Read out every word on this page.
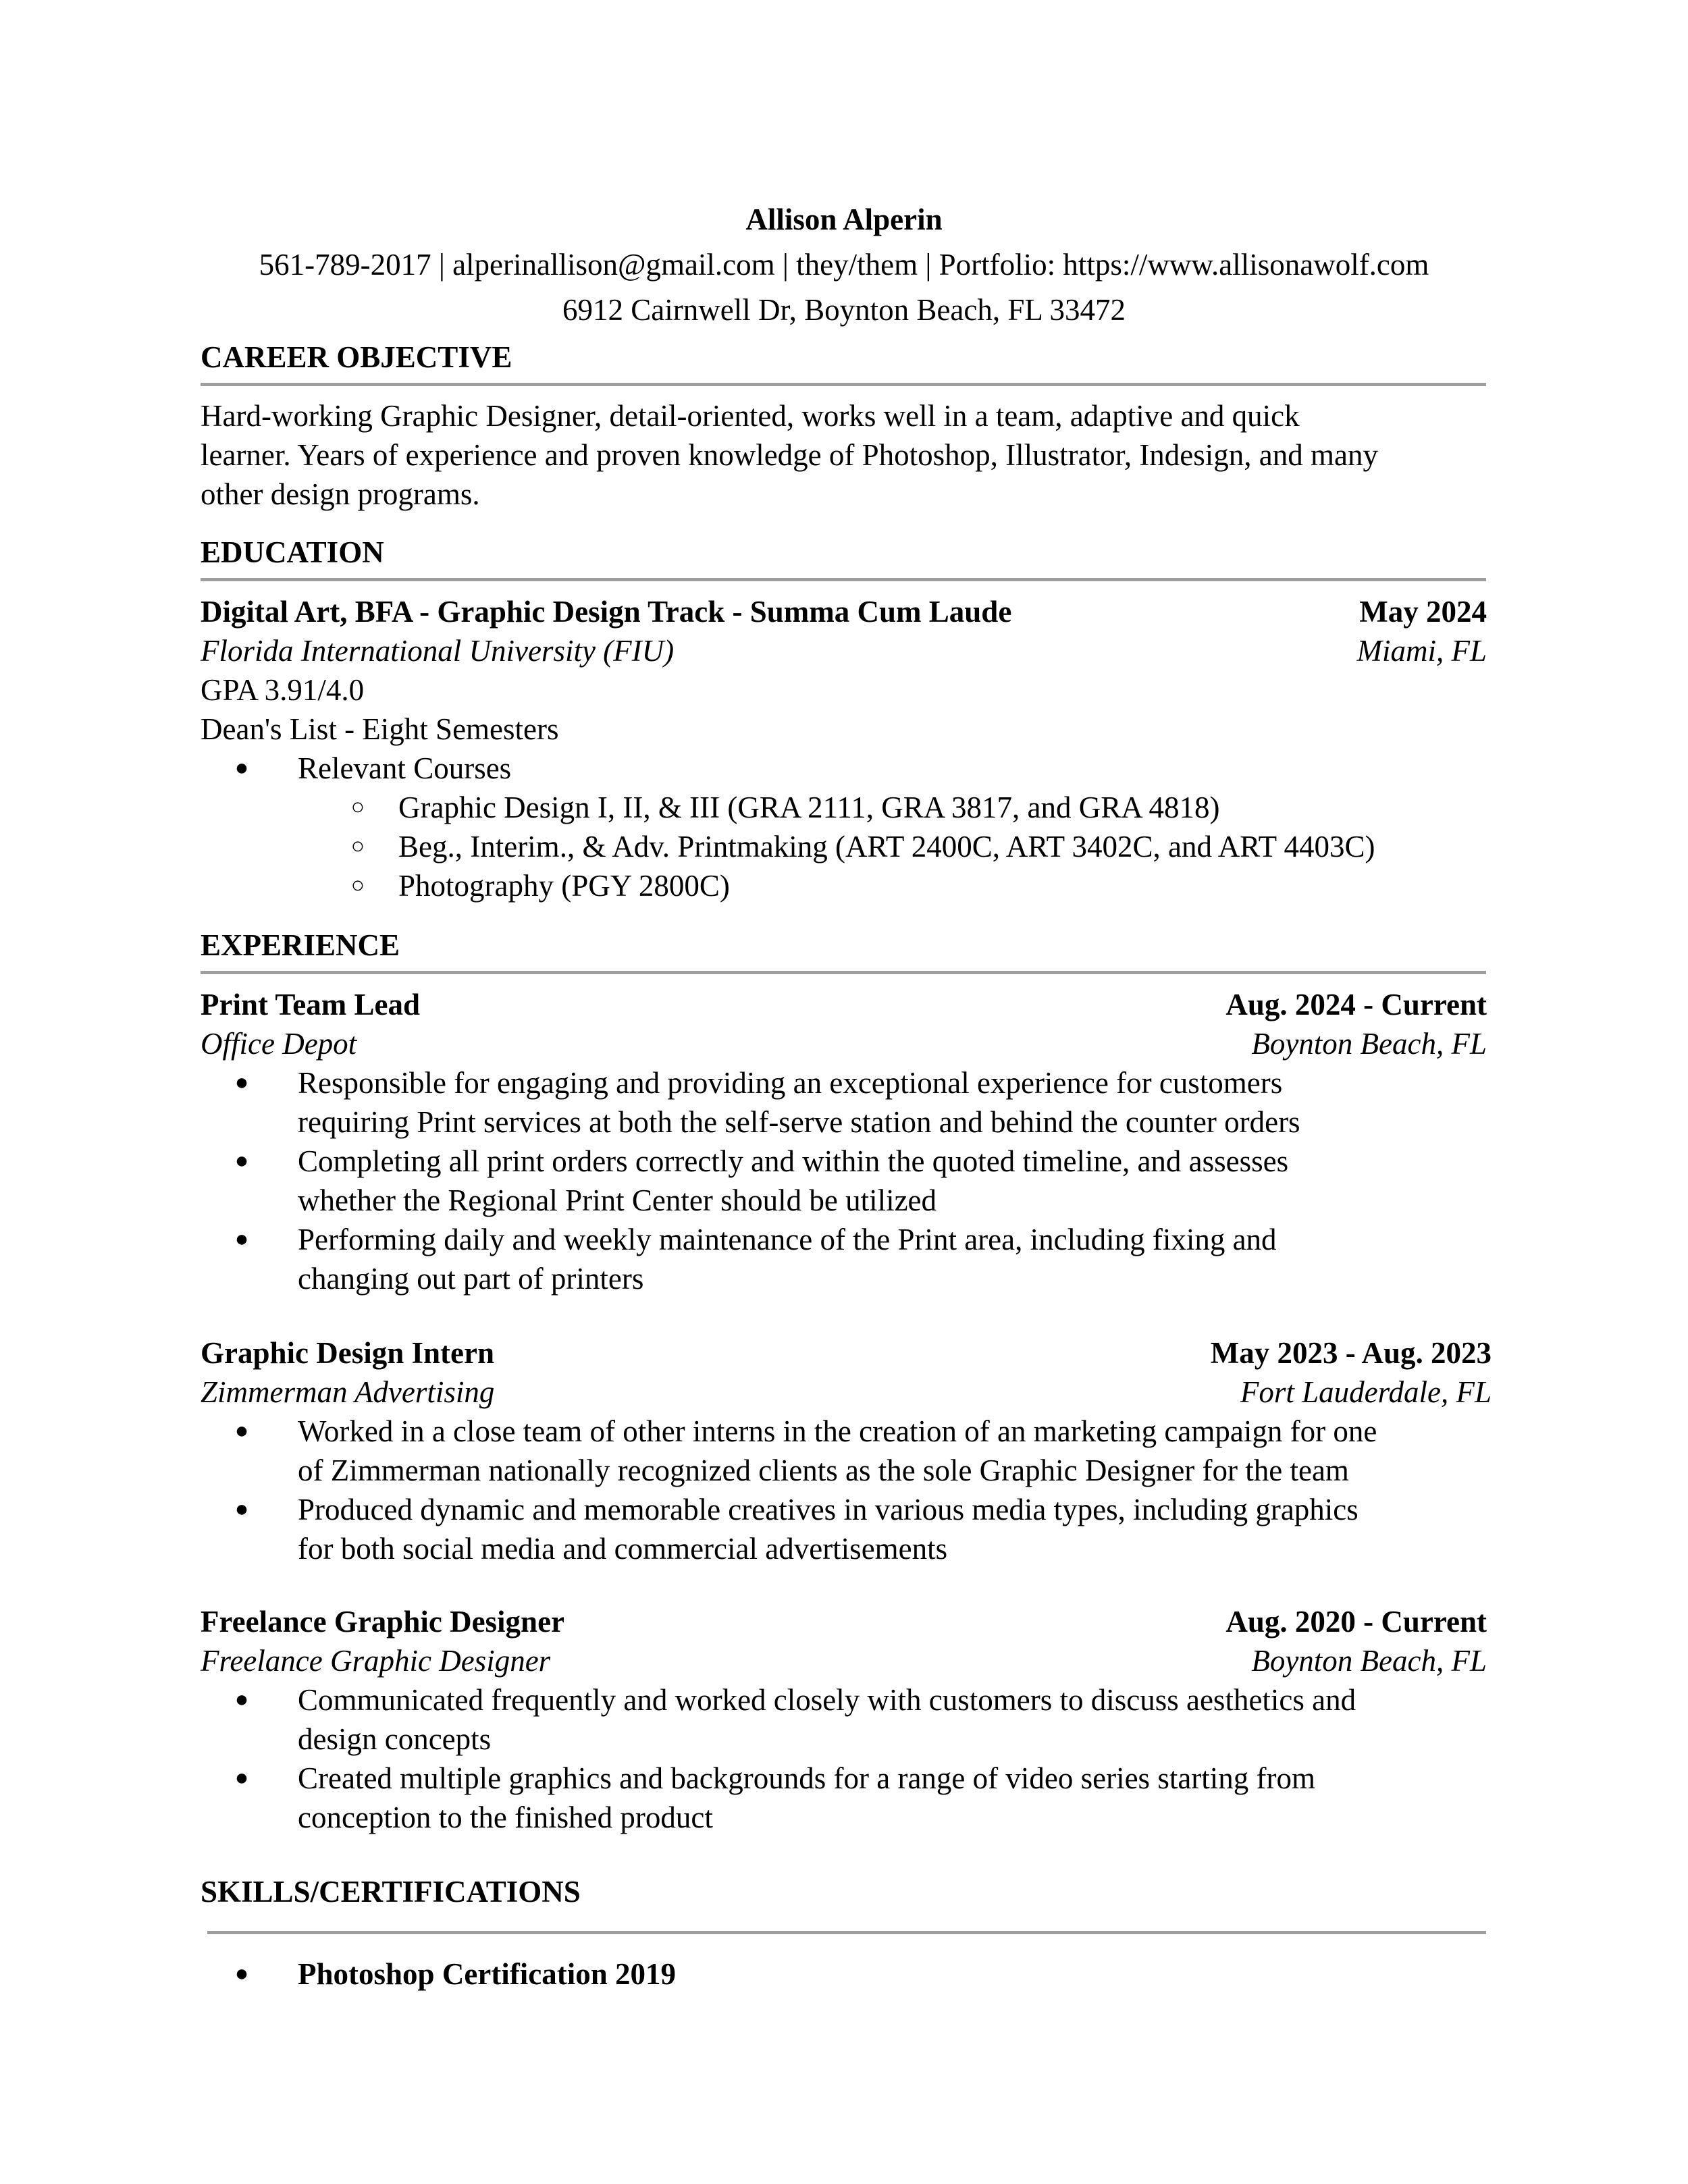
Allison Alperin
561-789-2017 | alperinallison@gmail.com | they/them | Portfolio: https://www.allisonawolf.com
6912 Cairnwell Dr, Boynton Beach, FL 33472
CAREER OBJECTIVE
Hard-working Graphic Designer, detail-oriented, works well in a team, adaptive and quick
learner. Years of experience and proven knowledge of Photoshop, Illustrator, Indesign, and many
other design programs.
EDUCATION
Digital Art, BFA - Graphic Design Track - Summa Cum Laude	May 2024
Florida International University (FIU)	Miami, FL
GPA 3.91/4.0
Dean's List - Eight Semesters
● Relevant Courses
○ Graphic Design I, II, & III (GRA 2111, GRA 3817, and GRA 4818)
○ Beg., Interim., & Adv. Printmaking (ART 2400C, ART 3402C, and ART 4403C)
○ Photography (PGY 2800C)
EXPERIENCE
Print Team Lead	Aug. 2024 - Current
Office Depot	Boynton Beach, FL
● Responsible for engaging and providing an exceptional experience for customers
requiring Print services at both the self-serve station and behind the counter orders
● Completing all print orders correctly and within the quoted timeline, and assesses
whether the Regional Print Center should be utilized
● Performing daily and weekly maintenance of the Print area, including fixing and
changing out part of printers
Graphic Design Intern	May 2023 - Aug. 2023
Zimmerman Advertising	Fort Lauderdale, FL
● Worked in a close team of other interns in the creation of an marketing campaign for one
of Zimmerman nationally recognized clients as the sole Graphic Designer for the team
● Produced dynamic and memorable creatives in various media types, including graphics
for both social media and commercial advertisements
Freelance Graphic Designer	Aug. 2020 - Current
Freelance Graphic Designer	Boynton Beach, FL
● Communicated frequently and worked closely with customers to discuss aesthetics and
design concepts
● Created multiple graphics and backgrounds for a range of video series starting from
conception to the finished product
SKILLS/CERTIFICATIONS
● Photoshop Certification 2019
